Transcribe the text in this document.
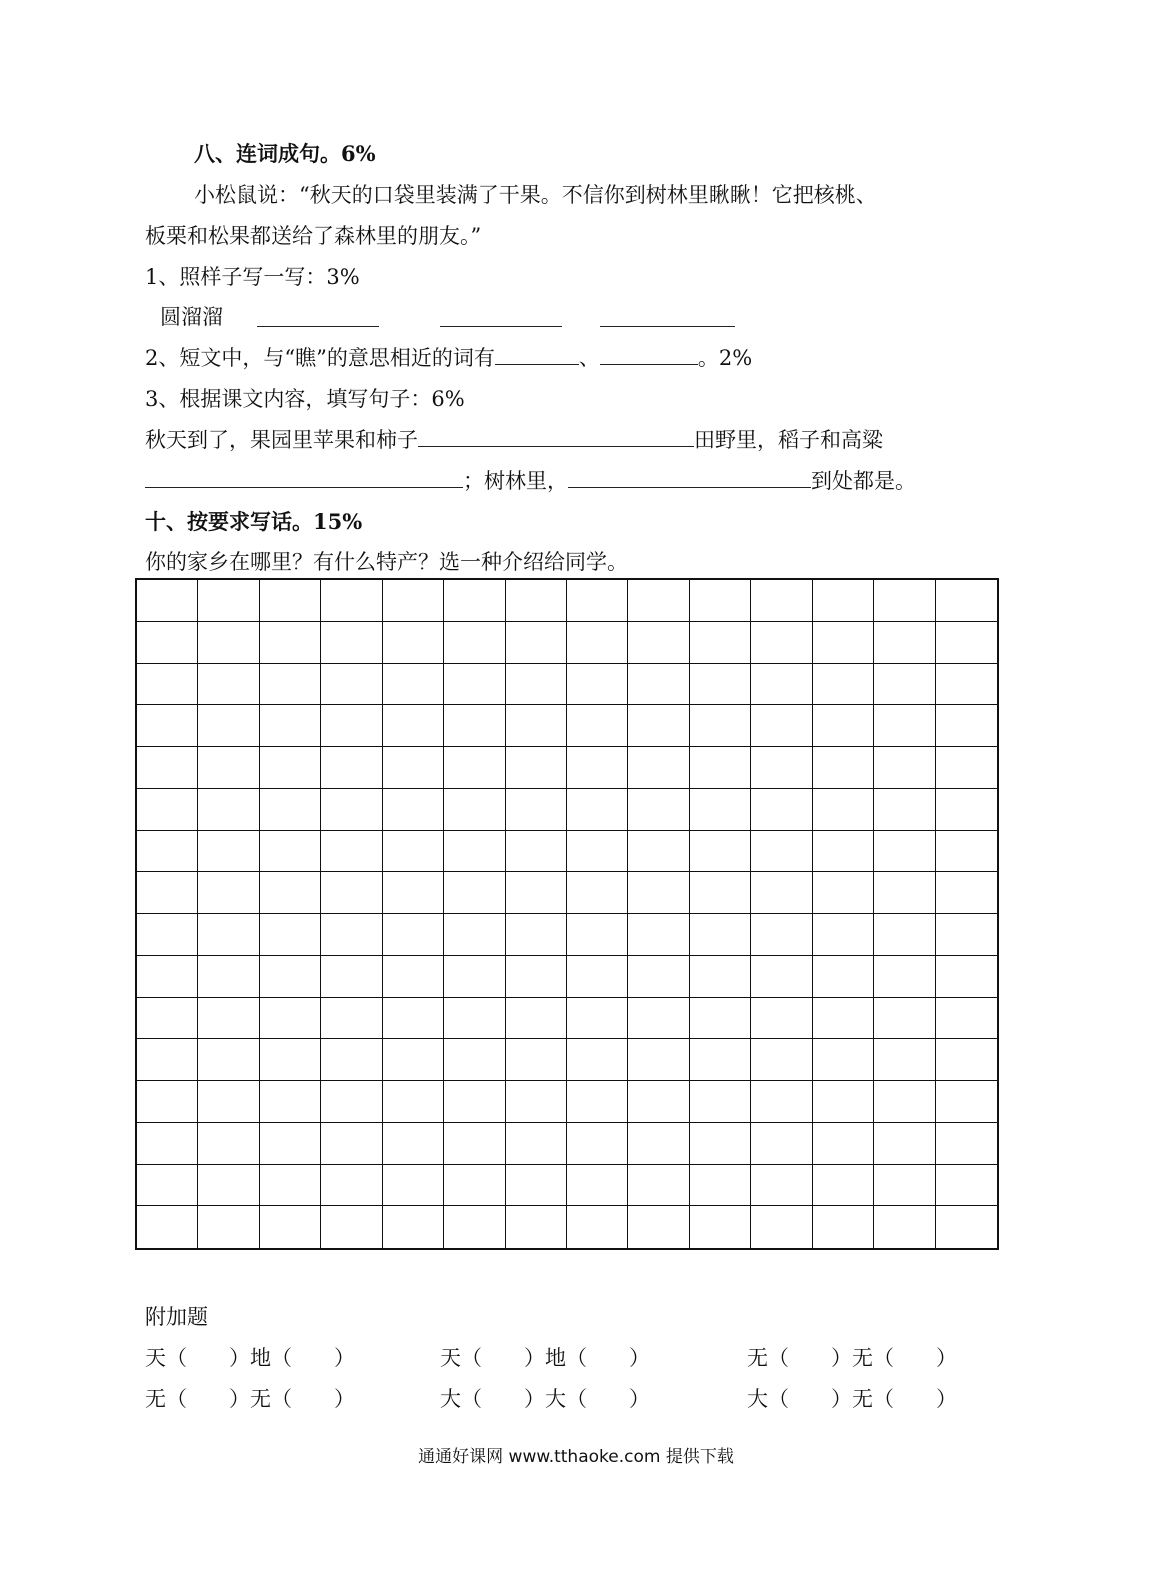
八、连词成句。6%
小松鼠说：“秋天的口袋里装满了干果。不信你到树林里瞅瞅！它把核桃、
板栗和松果都送给了森林里的朋友。”
1、照样子写一写：3%
圆溜溜
2、短文中，与“瞧”的意思相近的词有	、	。2%
3、根据课文内容，填写句子：6%
秋天到了，果园里苹果和柿子	田野里，稻子和高粱
；树林里，	到处都是。
十、按要求写话。15%
你的家乡在哪里？有什么特产？选一种介绍给同学。
附加题
天（　　）地（　　）	天（　　）地（　　）	无（　　）无（　　）
无（　　）无（　　）	大（　　）大（　　）	大（　　）无（　　）
通通好课网 www.tthaoke.com 提供下载
